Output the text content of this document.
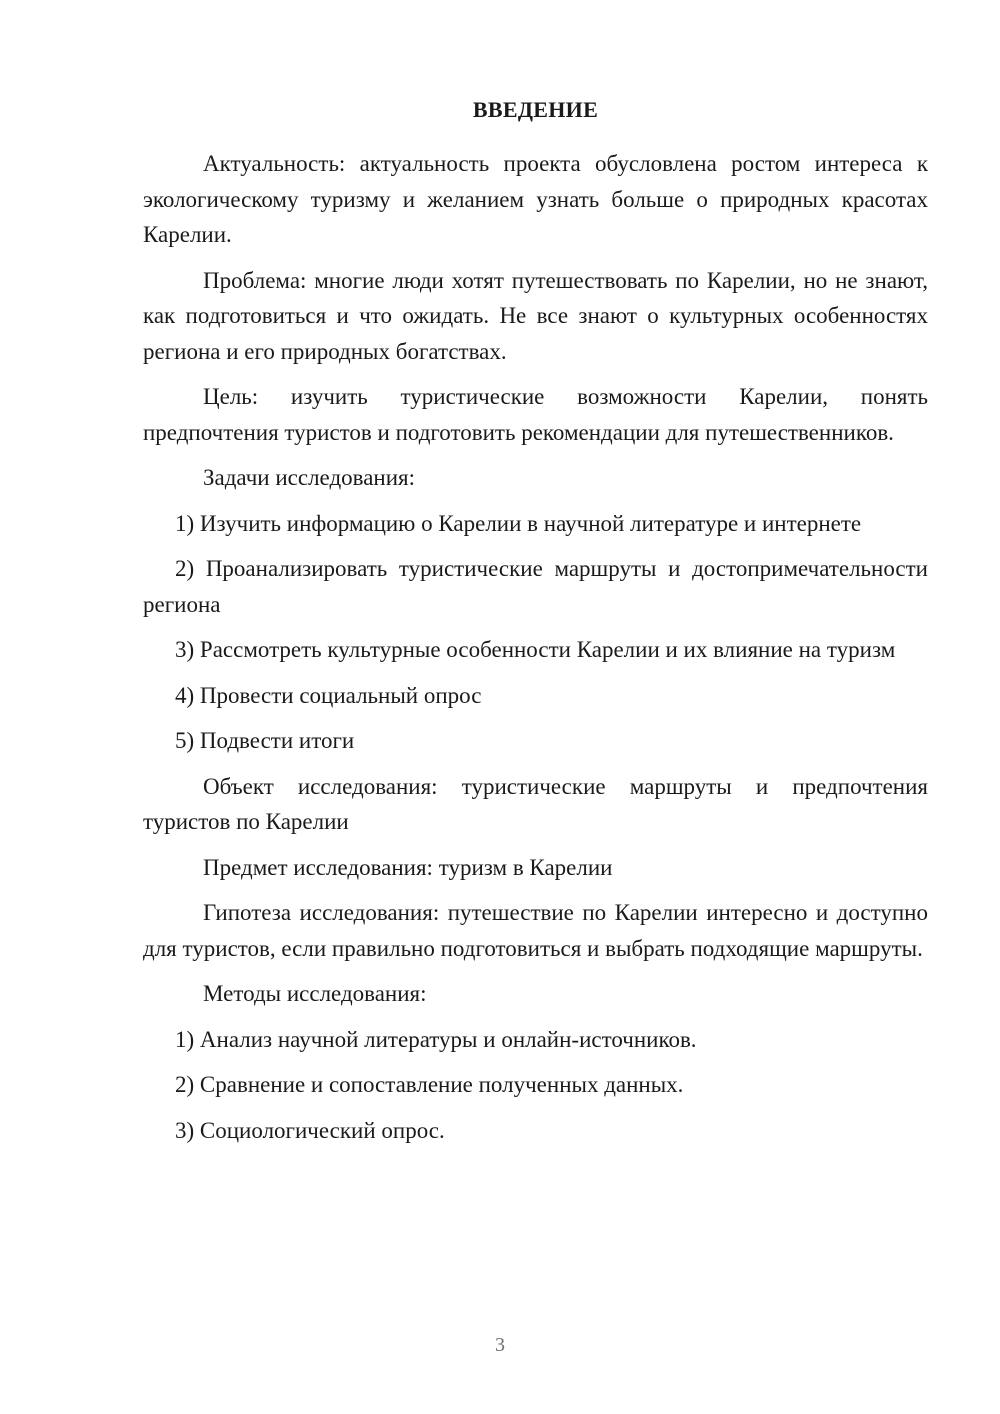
ВВЕДЕНИЕ

Актуальность: актуальность проекта обусловлена ростом интереса к экологическому туризму и желанием узнать больше о природных красотах Карелии.

Проблема: многие люди хотят путешествовать по Карелии, но не знают, как подготовиться и что ожидать. Не все знают о культурных особенностях региона и его природных богатствах.

Цель: изучить туристические возможности Карелии, понять предпочтения туристов и подготовить рекомендации для путешественников.

Задачи исследования:

1) Изучить информацию о Карелии в научной литературе и интернете

2) Проанализировать туристические маршруты и достопримечательности региона

3) Рассмотреть культурные особенности Карелии и их влияние на туризм

4) Провести социальный опрос

5) Подвести итоги

Объект исследования: туристические маршруты и предпочтения туристов по Карелии

Предмет исследования: туризм в Карелии

Гипотеза исследования: путешествие по Карелии интересно и доступно для туристов, если правильно подготовиться и выбрать подходящие маршруты.

Методы исследования:

1) Анализ научной литературы и онлайн-источников.

2) Сравнение и сопоставление полученных данных.

3) Социологический опрос.

3
